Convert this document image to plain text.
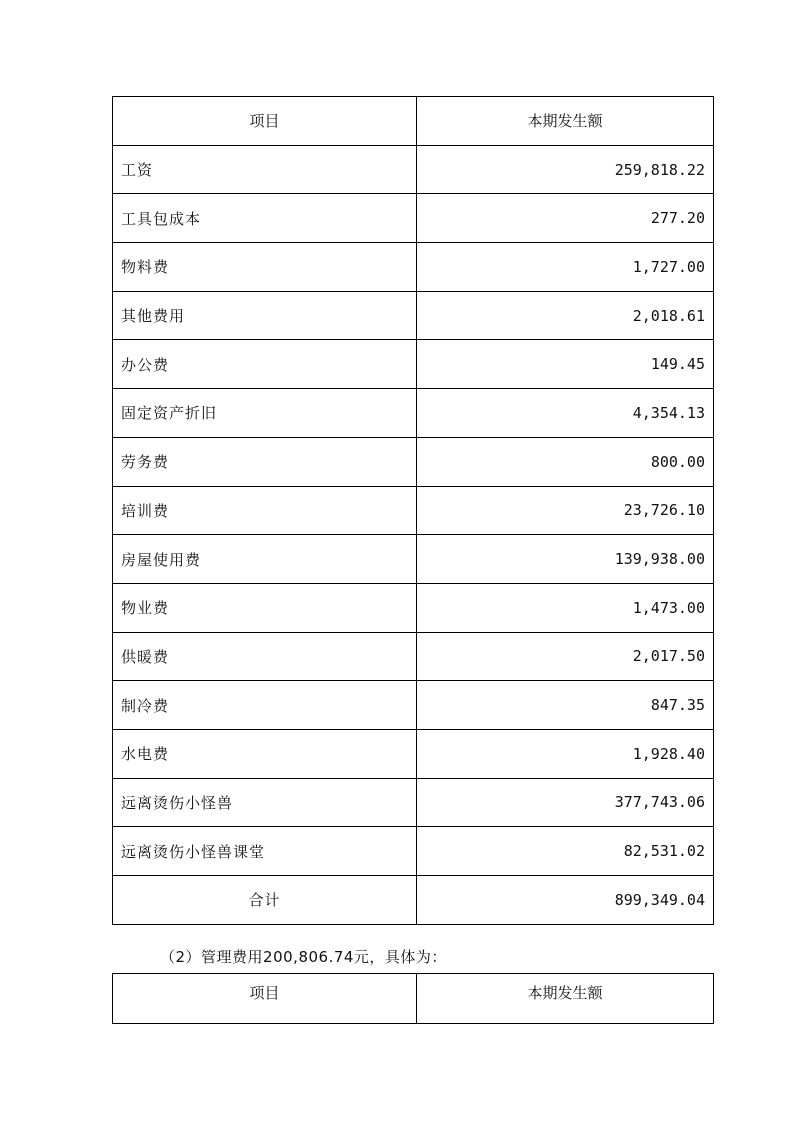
项目	本期发生额
工资	259,818.22
工具包成本	277.20
物料费	1,727.00
其他费用	2,018.61
办公费	149.45
固定资产折旧	4,354.13
劳务费	800.00
培训费	23,726.10
房屋使用费	139,938.00
物业费	1,473.00
供暖费	2,017.50
制冷费	847.35
水电费	1,928.40
远离烫伤小怪兽	377,743.06
远离烫伤小怪兽课堂	82,531.02
合计	899,349.04
（2）管理费用200,806.74元，具体为：
项目	本期发生额
